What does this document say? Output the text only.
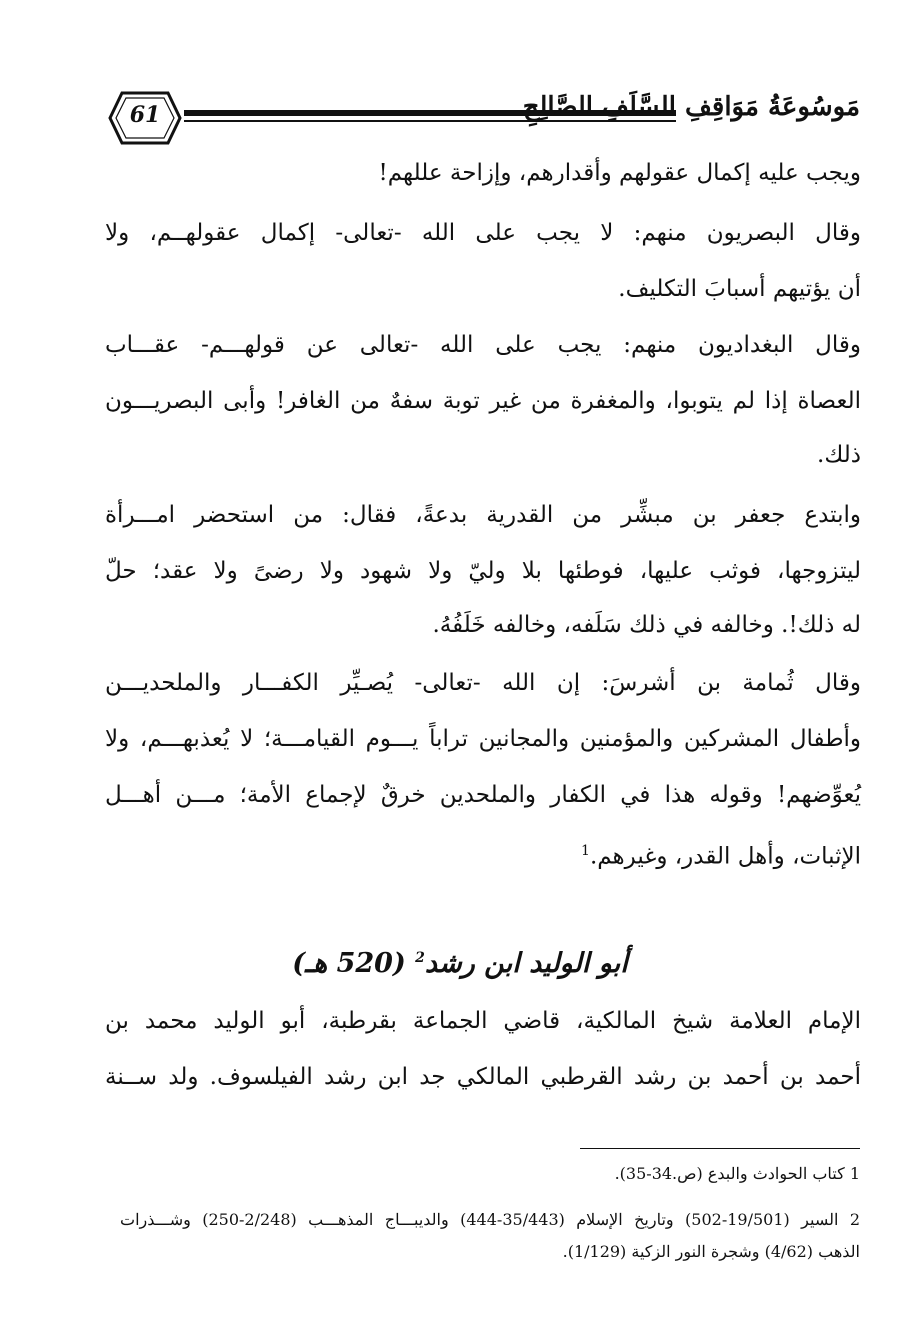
61	مَوسُوعَةُ مَوَاقِفِ السَّلَفِ الصَّالِحِ
ويجب عليه إكمال عقولهم وأقدارهم، وإزاحة عللهم!
وقال البصريون منهم: لا يجب على الله -تعالى- إكمال عقولهــم، ولا
أن يؤتيهم أسبابَ التكليف.
وقال البغداديون منهم: يجب على الله -تعالى عن قولهـــم- عقـــاب
العصاة إذا لم يتوبوا، والمغفرة من غير توبة سفهٌ من الغافر! وأبى البصريـــون
ذلك.
وابتدع جعفر بن مبشِّر من القدرية بدعةً، فقال: من استحضر امـــرأة
ليتزوجها، فوثب عليها، فوطئها بلا وليّ ولا شهود ولا رضىً ولا عقد؛ حلّ
له ذلك!. وخالفه في ذلك سَلَفه، وخالفه خَلَفُهُ.
وقال ثُمامة بن أشرسَ: إن الله -تعالى- يُصـيِّر الكفـــار والملحديـــن
وأطفال المشركين والمؤمنين والمجانين تراباً يـــوم القيامـــة؛ لا يُعذبهـــم، ولا
يُعوِّضهم! وقوله هذا في الكفار والملحدين خرقٌ لإجماع الأمة؛ مـــن أهـــل
الإثبات، وأهل القدر، وغيرهم.$^1$
أبو الوليد ابن رشد$^2$ (520 هـ)
الإمام العلامة شيخ المالكية، قاضي الجماعة بقرطبة، أبو الوليد محمد بن
أحمد بن أحمد بن رشد القرطبي المالكي جد ابن رشد الفيلسوف. ولد ســنة
1 كتاب الحوادث والبدع (ص.34-35).
2 السير (19/501-502) وتاريخ الإسلام (35/443-444) والديبـــاج المذهـــب (2/248-250) وشـــذرات
الذهب (4/62) وشجرة النور الزكية (1/129).
